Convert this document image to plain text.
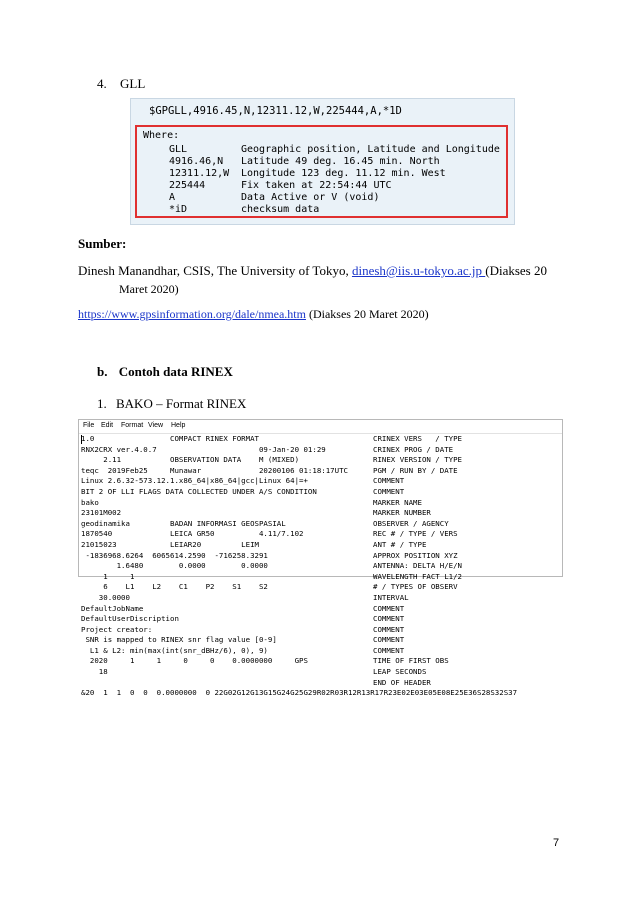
4. GLL
$GPGLL,4916.45,N,12311.12,W,225444,A,*1D
Where:
GLL	Geographic position, Latitude and Longitude
4916.46,N Latitude 49 deg. 16.45 min. North
12311.12,W Longitude 123 deg. 11.12 min. West
225444	Fix taken at 22:54:44 UTC
A	Data Active or V (void)
*iD	checksum data
Sumber:
Dinesh Manandhar, CSIS, The University of Tokyo, dinesh@iis.u-tokyo.ac.jp (Diakses 20
Maret 2020)
https://www.gpsinformation.org/dale/nmea.htm (Diakses 20 Maret 2020)
b. Contoh data RINEX
1. BAKO – Format RINEX
File Edit Format View Help
1.0                 COMPACT RINEX FORMAT	CRINEX VERS   / TYPE
RNX2CRX ver.4.0.7                       09-Jan-20 01:29	CRINEX PROG / DATE
2.11           OBSERVATION DATA    M (MIXED)	RINEX VERSION / TYPE
teqc  2019Feb25     Munawar             20200106 01:18:17UTC	PGM / RUN BY / DATE
Linux 2.6.32-573.12.1.x86_64|x86_64|gcc|Linux 64|=+	COMMENT
BIT 2 OF LLI FLAGS DATA COLLECTED UNDER A/S CONDITION	COMMENT
bako	MARKER NAME
23101M002	MARKER NUMBER
geodinamika         BADAN INFORMASI GEOSPASIAL	OBSERVER / AGENCY
1870540             LEICA GR50          4.11/7.102	REC # / TYPE / VERS
21015023            LEIAR20         LEIM	ANT # / TYPE
-1836968.6264  6065614.2590  -716258.3291	APPROX POSITION XYZ
1.6480        0.0000        0.0000	ANTENNA: DELTA H/E/N
1     1	WAVELENGTH FACT L1/2
6    L1    L2    C1    P2    S1    S2	# / TYPES OF OBSERV
30.0000	INTERVAL
DefaultJobName	COMMENT
DefaultUserDiscription	COMMENT
Project creator:	COMMENT
SNR is mapped to RINEX snr flag value [0-9]	COMMENT
L1 & L2: min(max(int(snr_dBHz/6), 0), 9)	COMMENT
2020     1     1     0     0    0.0000000     GPS	TIME OF FIRST OBS
18	LEAP SECONDS
END OF HEADER
&20  1  1  0  0  0.0000000  0 22G02G12G13G15G24G25G29R02R03R12R13R17R23E02E03E05E08E25E36S28S32S37
7
